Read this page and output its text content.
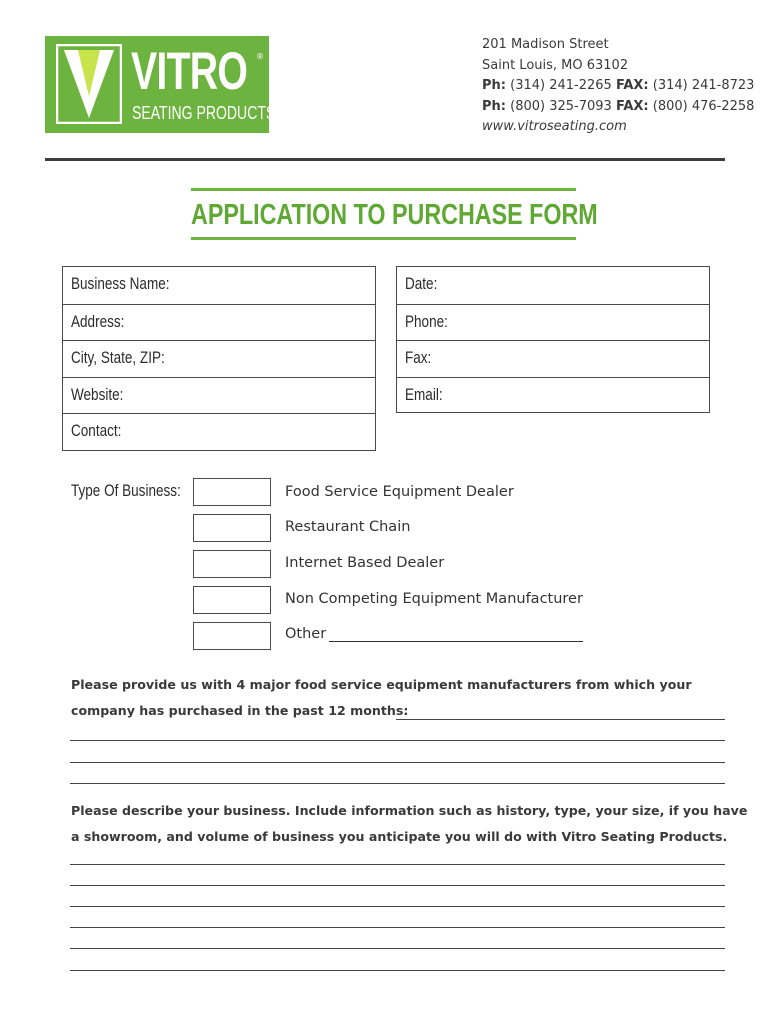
VITRO ®
SEATING PRODUCTS
201 Madison Street
Saint Louis, MO 63102
Ph: (314) 241-2265 FAX: (314) 241-8723
Ph: (800) 325-7093 FAX: (800) 476-2258
www.vitroseating.com
APPLICATION TO PURCHASE FORM
Business Name:
Address:
City, State, ZIP:
Website:
Contact:
Date:
Phone:
Fax:
Email:
Type Of Business:	Food Service Equipment Dealer
Restaurant Chain
Internet Based Dealer
Non Competing Equipment Manufacturer
Other
Please provide us with 4 major food service equipment manufacturers from which your
company has purchased in the past 12 months:
Please describe your business. Include information such as history, type, your size, if you have
a showroom, and volume of business you anticipate you will do with Vitro Seating Products.
